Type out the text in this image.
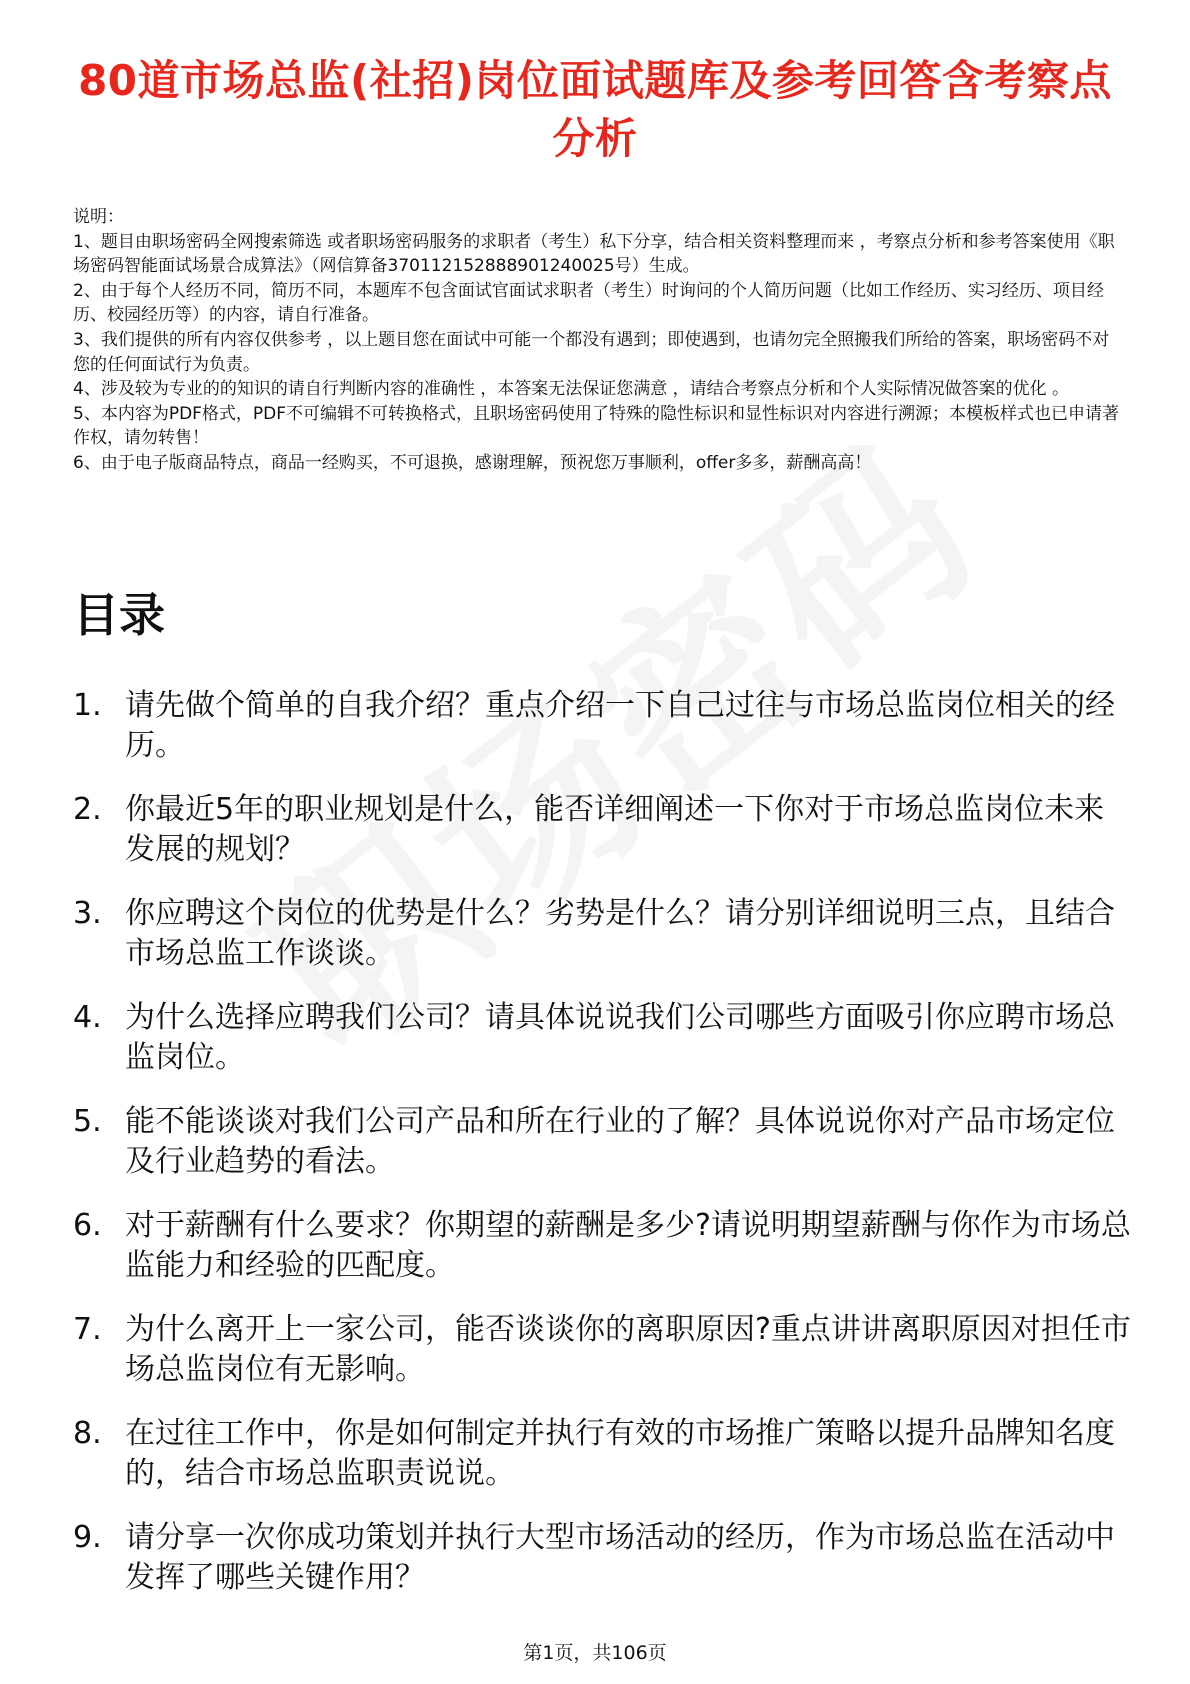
80道市场总监(社招)岗位面试题库及参考回答含考察点分析

说明：

1、题目由职场密码全网搜索筛选 或者职场密码服务的求职者（考生）私下分享，结合相关资料整理而来 ，考察点分析和参考答案使用《职场密码智能面试场景合成算法》（网信算备370112152888901240025号）生成。

2、由于每个人经历不同，简历不同，本题库不包含面试官面试求职者（考生）时询问的个人简历问题（比如工作经历、实习经历、项目经历、校园经历等）的内容，请自行准备。

3、我们提供的所有内容仅供参考 ，以上题目您在面试中可能一个都没有遇到；即使遇到，也请勿完全照搬我们所给的答案，职场密码不对您的任何面试行为负责。

4、涉及较为专业的的知识的请自行判断内容的准确性 ，本答案无法保证您满意 ，请结合考察点分析和个人实际情况做答案的优化 。

5、本内容为PDF格式，PDF不可编辑不可转换格式，且职场密码使用了特殊的隐性标识和显性标识对内容进行溯源；本模板样式也已申请著作权，请勿转售！

6、由于电子版商品特点，商品一经购买，不可退换，感谢理解，预祝您万事顺利，offer多多，薪酬高高！

目录
1. 请先做个简单的自我介绍？重点介绍一下自己过往与市场总监岗位相关的经历。
2. 你最近5年的职业规划是什么，能否详细阐述一下你对于市场总监岗位未来发展的规划？
3. 你应聘这个岗位的优势是什么？劣势是什么？请分别详细说明三点，且结合市场总监工作谈谈。
4. 为什么选择应聘我们公司？请具体说说我们公司哪些方面吸引你应聘市场总监岗位。
5. 能不能谈谈对我们公司产品和所在行业的了解？具体说说你对产品市场定位及行业趋势的看法。
6. 对于薪酬有什么要求？你期望的薪酬是多少?请说明期望薪酬与你作为市场总监能力和经验的匹配度。
7. 为什么离开上一家公司，能否谈谈你的离职原因?重点讲讲离职原因对担任市场总监岗位有无影响。
8. 在过往工作中，你是如何制定并执行有效的市场推广策略以提升品牌知名度的，结合市场总监职责说说。
9. 请分享一次你成功策划并执行大型市场活动的经历，作为市场总监在活动中发挥了哪些关键作用？
第1页，共106页
